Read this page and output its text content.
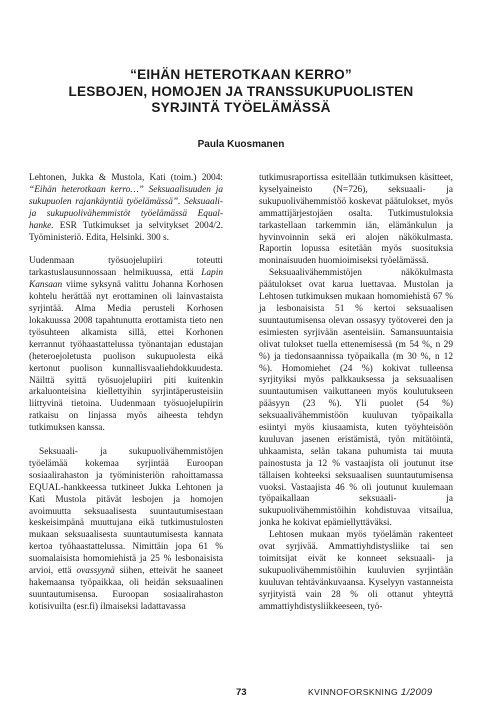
“EIHÄN HETEROTKAAN KERRO”
LESBOJEN, HOMOJEN JA TRANSSUKUPUOLISTEN
SYRJINTÄ TYÖELÄMÄSSÄ
Paula Kuosmanen

Lehtonen, Jukka & Mustola, Kati (toim.) 2004: “Eihän heterotkaan kerro…” Seksuaalisuuden ja sukupuolen rajankäyntiä työelämässä”. Seksuaali- ja sukupuolivähemmistöt työelämässä Equal-hanke. ESR Tutkimukset ja selvitykset 2004/2. Työministeriö. Edita, Helsinki. 300 s.

Uudenmaan työsuojelupiiri toteutti tarkastuslausunnossaan helmikuussa, että Lapin Kansaan viime syksynä valittu Johanna Korhosen kohtelu herättää nyt erottaminen oli lainvastaista syrjintää. Alma Media perusteli Korhosen lokakuussa 2008 tapahtunutta erottamista tieto nen työsuhteen alkamista sillä, ettei Korhonen kerrannut työhaastattelussa työnantajan edustajan (heteroejoletusta puolison sukupuolesta eikä kertonut puolison kunnallisvaaliehdokkuudesta. Näilttä syittä työsuojelupiiri piti kuitenkin arkaluonteisina kiellettyihin syrjintäperusteisiin liittyvinä tietoina. Uudenmaan työsuojelupiirin ratkaisu on linjassa myös aiheesta tehdyn tutkimuksen kanssa.

Seksuaali- ja sukupuolivähemmistöjen työelämää kokemaa syrjintää Euroopan sosiaalirahaston ja työministeriön rahoittamassa EQUAL-hankkeessa tutkineet Jukka Lehtonen ja Kati Mustola pitävät lesbojen ja homojen avoimuutta seksuaalisesta suuntautumisestaan keskeisimpänä muuttujana eikä tutkimustulosten mukaan seksuaalisesta suuntautumisesta kannata kertoa työhaastattelussa. Nimittäin jopa 61 % suomalaisista homomiehistä ja 25 % lesbonaisista arvioi, että ovassyynä siihen, etteivät he saaneet hakemaansa työpaikkaa, oli heidän seksuaalinen suuntautumisensa. Euroopan sosiaalirahaston kotisivuilta (esr.fi) ilmaiseksi ladattavassa

tutkimusraportissa esitellään tutkimuksen käsitteet, kyselyaineisto (N=726), seksuaali- ja sukupuolivähemmistöö koskevat päätulokset, myös ammattijärjestojäen osalta. Tutkimustuloksia tarkastellaan tarkemmin iän, elämänkulun ja hyvinvoinnin sekä eri alojen näkökulmasta. Raportin lopussa esitetään myös suosituksia moninaisuuden huomioimiseksi työelämässä.

Seksuaalivähemmistöjen näkökulmasta päätulokset ovat karua luettavaa. Mustolan ja Lehtosen tutkimuksen mukaan homomiehistä 67 % ja lesbonaisista 51 % kertoi seksuaalisen suuntautumisensa olevan ossasyy työtoverei den ja esimiesten syrjivään asenteisiin. Samansuuntaisia olivat tulokset tuella ettenemisessä (m 54 %, n 29 %) ja tiedonsaannissa työpaikalla (m 30 %, n 12 %). Homomiehet (24 %) kokivat tulleensa syrjityiksi myös palkkauksessa ja seksuaalisen suuntautumisen vaikuttaneen myös koulutukseen pääsyyn (23 %). Yli puolet (54 %) seksuaalivähemmistöön kuuluvan työpaikalla esiintyi myös kiusaamista, kuten työyhteisöön kuuluvan jasenen eristämistä, työn mitätöintä, uhkaamista, selän takana puhumista tai muuta painostusta ja 12 % vastaajista oli joutunut itse tällaisen kohteeksi seksuaalisen suuntautumisensa vuoksi. Vastaajista 46 % oli joutunut kuulemaan työpaikallaan seksuaali- ja sukupuolivähemmistöihin kohdistuvaa vitsailua, jonka he kokivat epämiellyttäväksi.

Lehtosen mukaan myös työelämän rakenteet ovat syrjivää. Ammattiyhdistysliike tai sen toimitsijat eivät ke konneet seksuaali- ja sukupuolivähemmistöihin kuuluvien syrjintään kuuluvan tehtävänkuvaansa. Kyselyyn vastanneista syrjityistä vain 28 % oli ottanut yhteyttä ammattiyhdistysliikkeeseen, työ-

73	KVINNOFORSKNING 1/2009
